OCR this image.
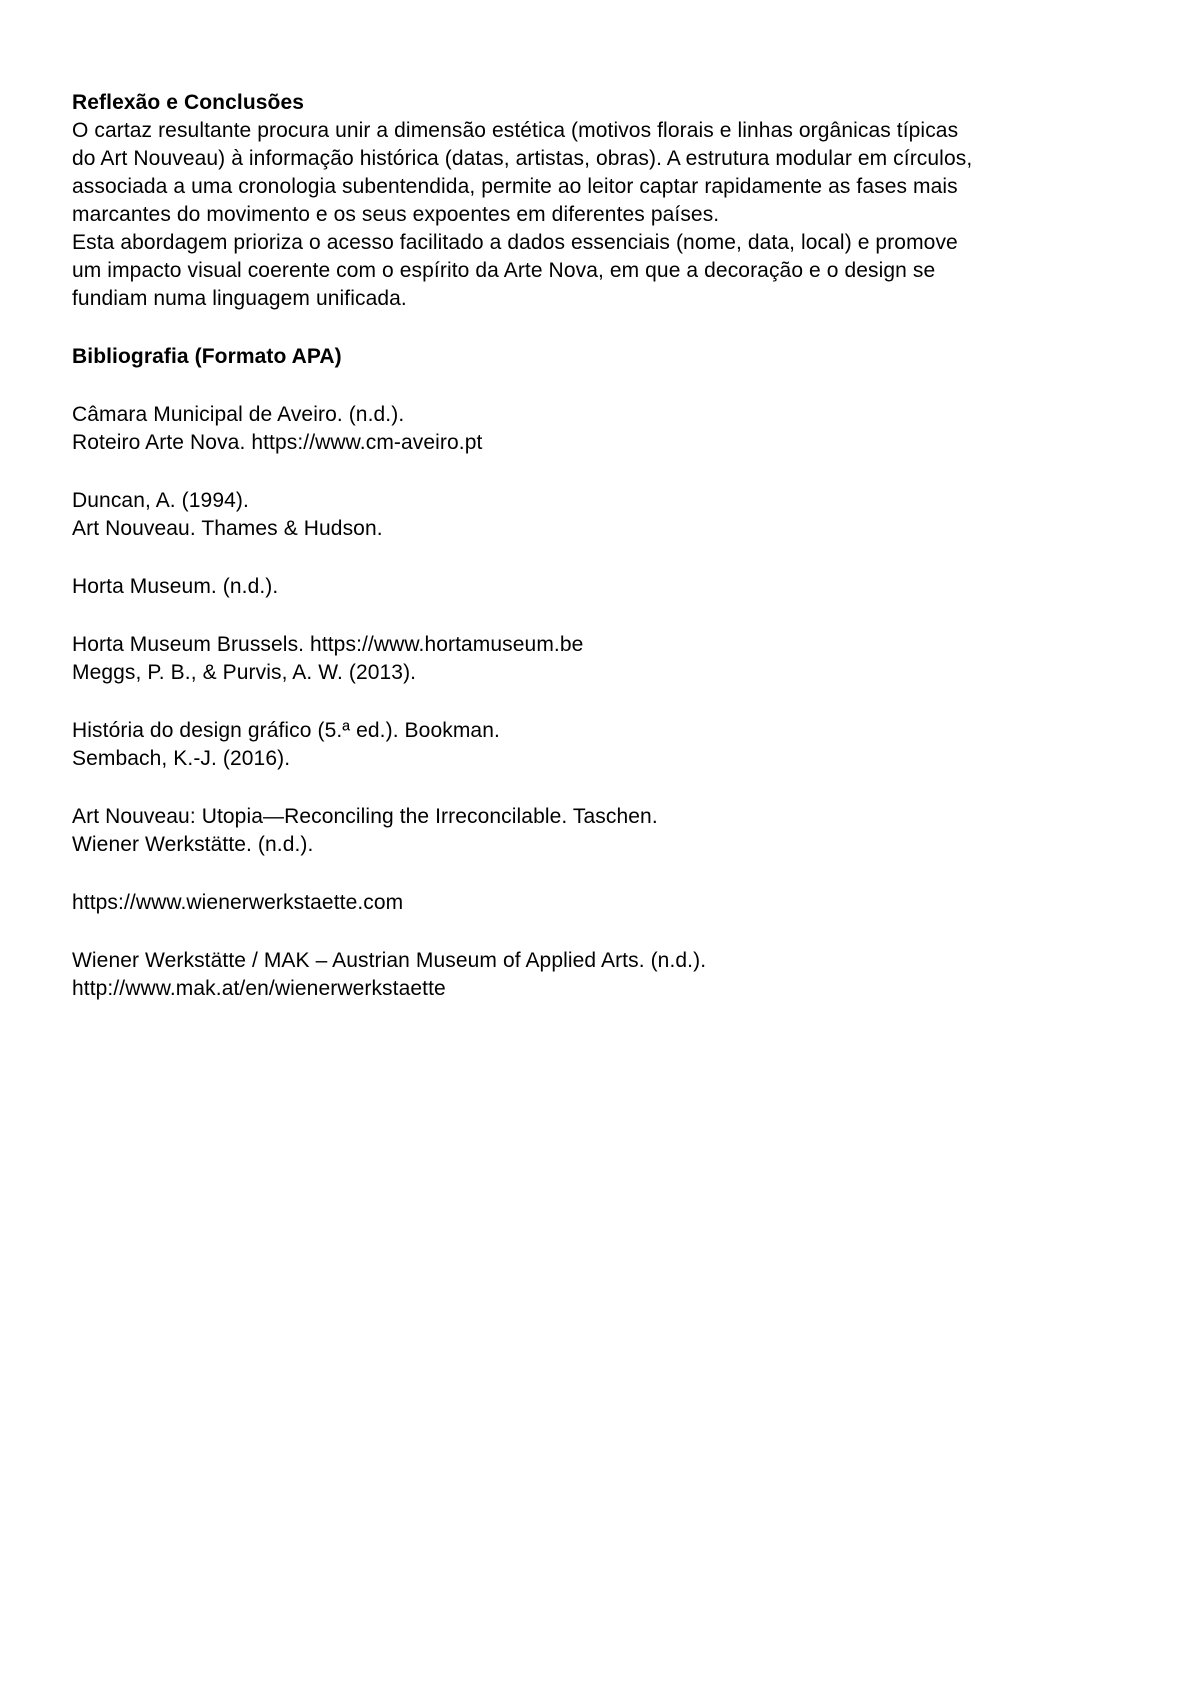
Reflexão e Conclusões

O cartaz resultante procura unir a dimensão estética (motivos florais e linhas orgânicas típicas

do Art Nouveau) à informação histórica (datas, artistas, obras). A estrutura modular em círculos,

associada a uma cronologia subentendida, permite ao leitor captar rapidamente as fases mais

marcantes do movimento e os seus expoentes em diferentes países.

Esta abordagem prioriza o acesso facilitado a dados essenciais (nome, data, local) e promove

um impacto visual coerente com o espírito da Arte Nova, em que a decoração e o design se

fundiam numa linguagem unificada.

Bibliografia (Formato APA)

Câmara Municipal de Aveiro. (n.d.).

Roteiro Arte Nova. https://www.cm-aveiro.pt

Duncan, A. (1994).

Art Nouveau. Thames & Hudson.

Horta Museum. (n.d.).

Horta Museum Brussels. https://www.hortamuseum.be

Meggs, P. B., & Purvis, A. W. (2013).

História do design gráfico (5.ª ed.). Bookman.

Sembach, K.-J. (2016).

Art Nouveau: Utopia—Reconciling the Irreconcilable. Taschen.

Wiener Werkstätte. (n.d.).

https://www.wienerwerkstaette.com

Wiener Werkstätte / MAK – Austrian Museum of Applied Arts. (n.d.).

http://www.mak.at/en/wienerwerkstaette
